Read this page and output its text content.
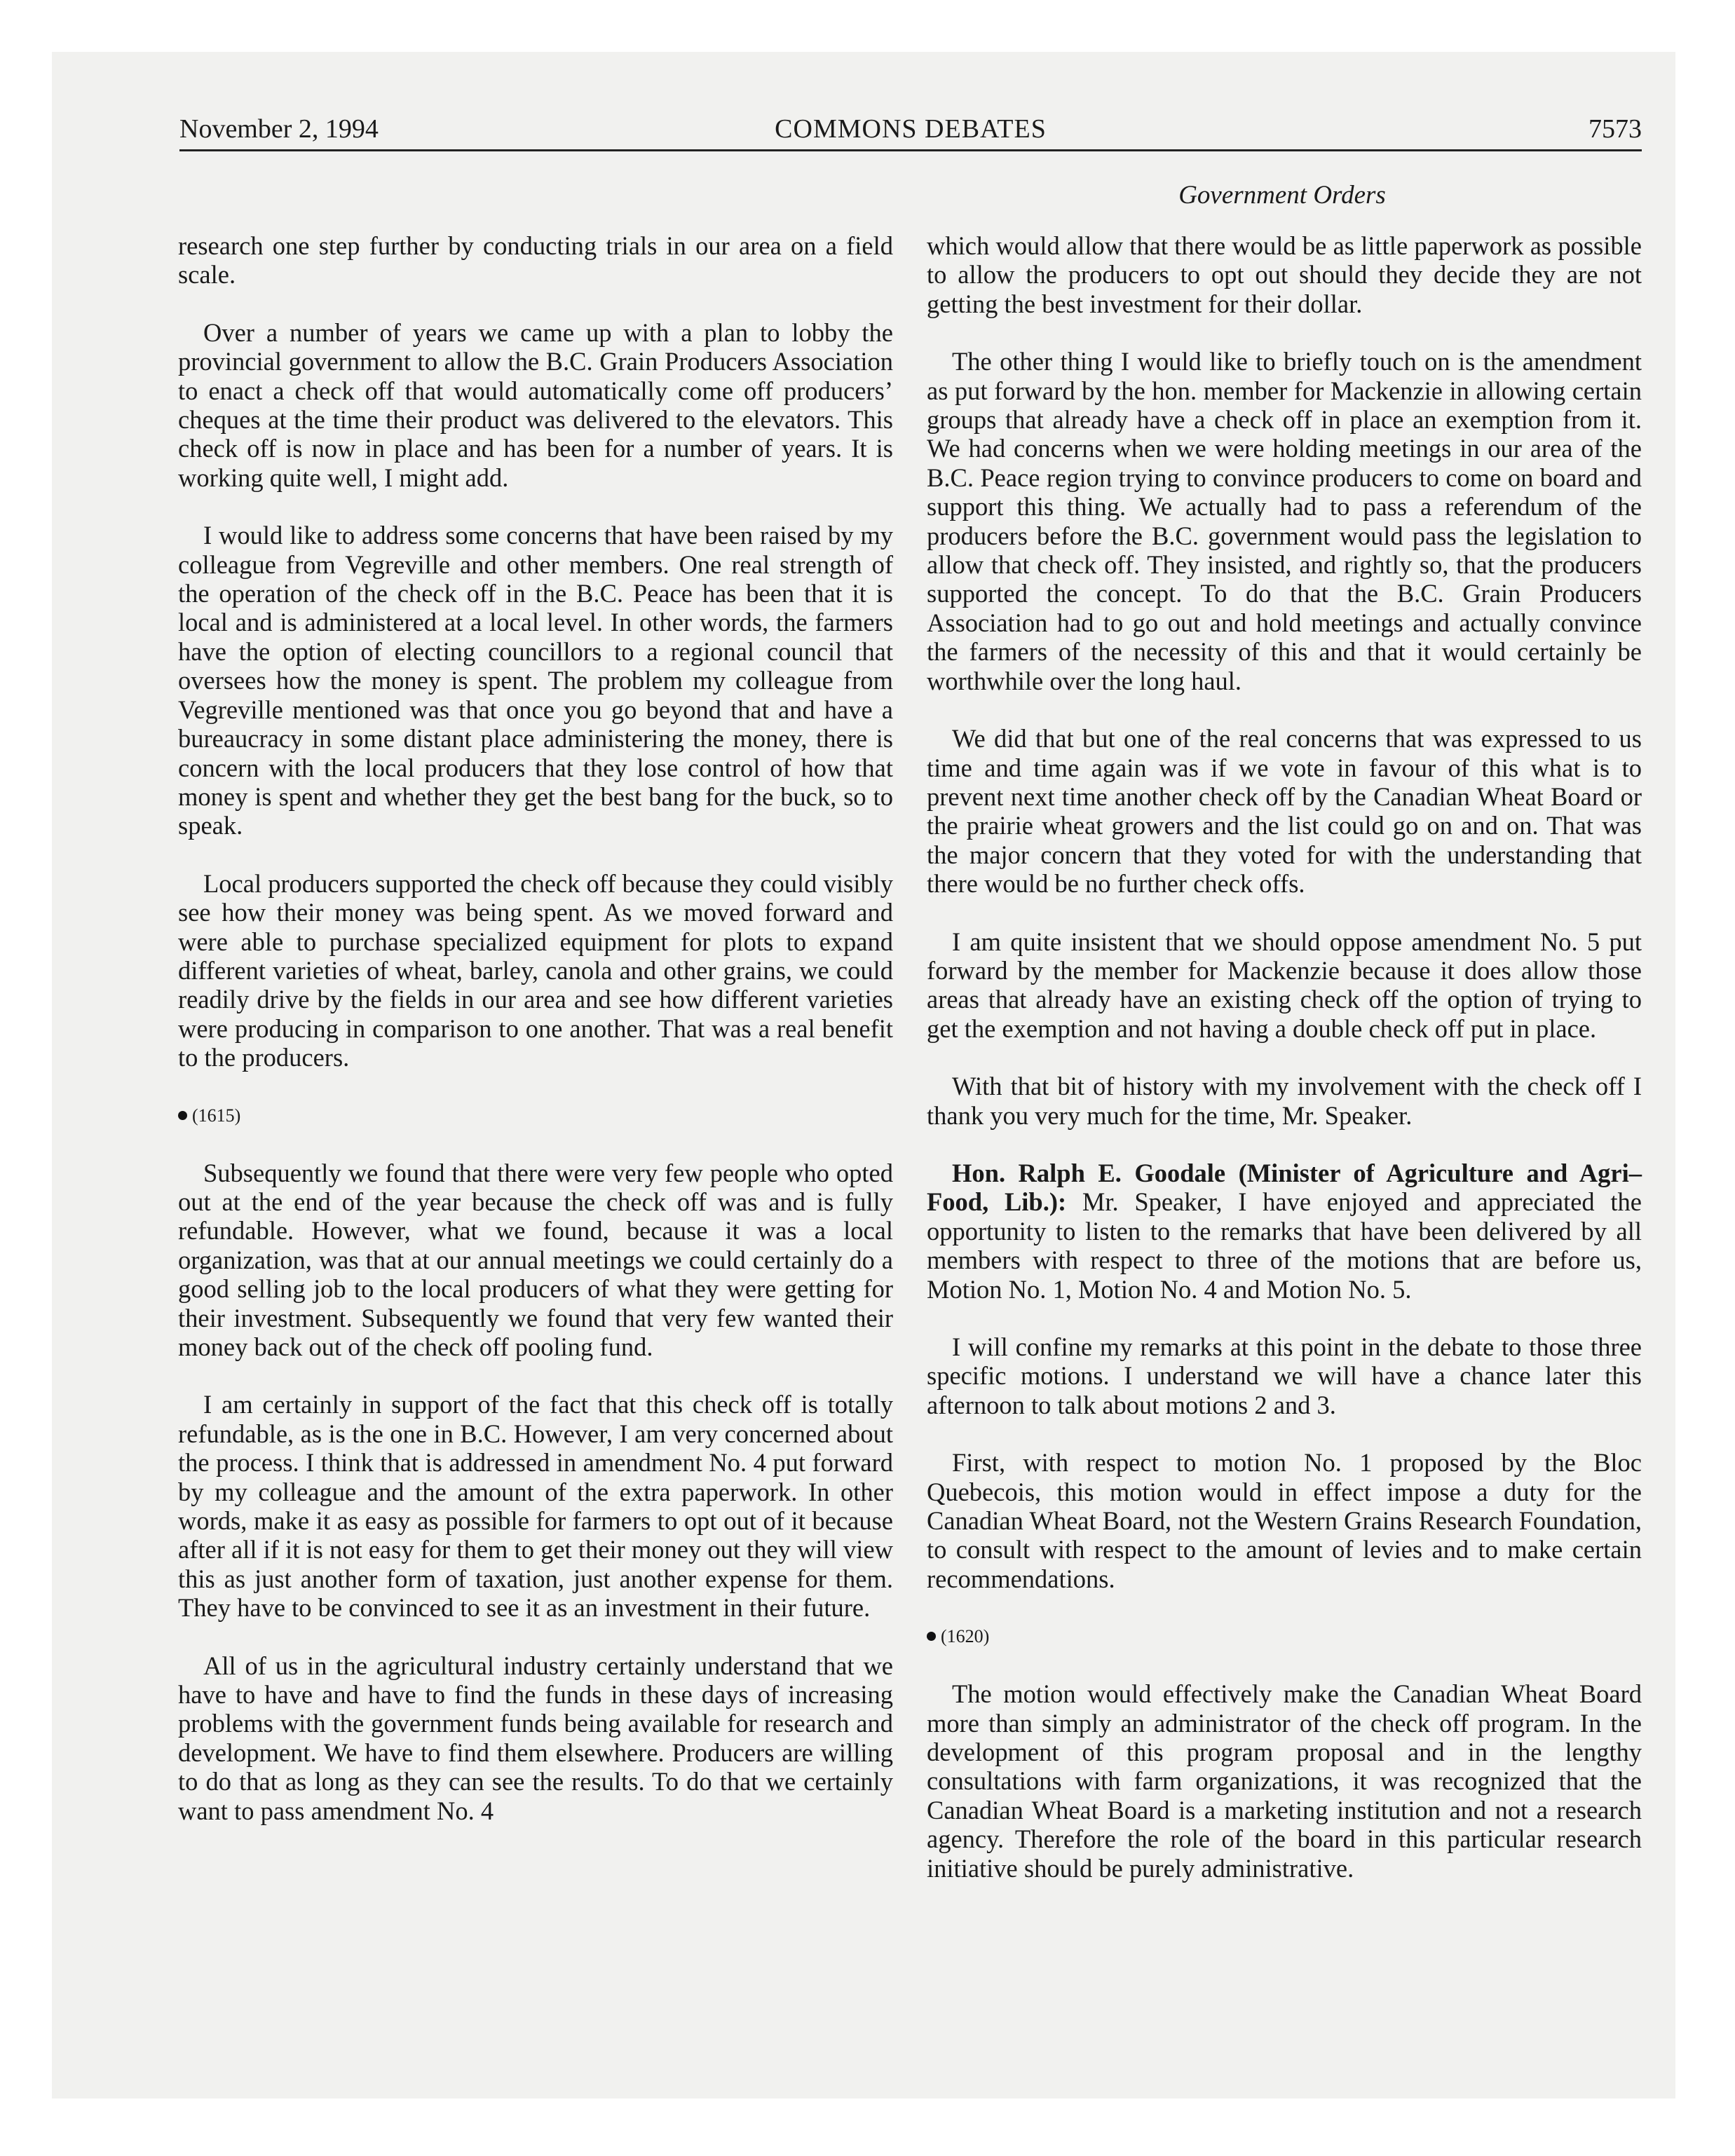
November 2, 1994	COMMONS DEBATES	7573
Government Orders

research one step further by conducting trials in our area on a field scale.

Over a number of years we came up with a plan to lobby the provincial government to allow the B.C. Grain Producers Association to enact a check off that would automatically come off producers’ cheques at the time their product was delivered to the elevators. This check off is now in place and has been for a number of years. It is working quite well, I might add.

I would like to address some concerns that have been raised by my colleague from Vegreville and other members. One real strength of the operation of the check off in the B.C. Peace has been that it is local and is administered at a local level. In other words, the farmers have the option of electing councillors to a regional council that oversees how the money is spent. The problem my colleague from Vegreville mentioned was that once you go beyond that and have a bureaucracy in some distant place administering the money, there is concern with the local producers that they lose control of how that money is spent and whether they get the best bang for the buck, so to speak.

Local producers supported the check off because they could visibly see how their money was being spent. As we moved forward and were able to purchase specialized equipment for plots to expand different varieties of wheat, barley, canola and other grains, we could readily drive by the fields in our area and see how different varieties were producing in comparison to one another. That was a real benefit to the producers.

(1615)

Subsequently we found that there were very few people who opted out at the end of the year because the check off was and is fully refundable. However, what we found, because it was a local organization, was that at our annual meetings we could certainly do a good selling job to the local producers of what they were getting for their investment. Subsequently we found that very few wanted their money back out of the check off pooling fund.

I am certainly in support of the fact that this check off is totally refundable, as is the one in B.C. However, I am very concerned about the process. I think that is addressed in amendment No. 4 put forward by my colleague and the amount of the extra paperwork. In other words, make it as easy as possible for farmers to opt out of it because after all if it is not easy for them to get their money out they will view this as just another form of taxation, just another expense for them. They have to be convinced to see it as an investment in their future.

All of us in the agricultural industry certainly understand that we have to have and have to find the funds in these days of increasing problems with the government funds being available for research and development. We have to find them elsewhere. Producers are willing to do that as long as they can see the results. To do that we certainly want to pass amendment No. 4

which would allow that there would be as little paperwork as possible to allow the producers to opt out should they decide they are not getting the best investment for their dollar.

The other thing I would like to briefly touch on is the amendment as put forward by the hon. member for Mackenzie in allowing certain groups that already have a check off in place an exemption from it. We had concerns when we were holding meetings in our area of the B.C. Peace region trying to convince producers to come on board and support this thing. We actually had to pass a referendum of the producers before the B.C. government would pass the legislation to allow that check off. They insisted, and rightly so, that the producers supported the concept. To do that the B.C. Grain Producers Association had to go out and hold meetings and actually convince the farmers of the necessity of this and that it would certainly be worthwhile over the long haul.

We did that but one of the real concerns that was expressed to us time and time again was if we vote in favour of this what is to prevent next time another check off by the Canadian Wheat Board or the prairie wheat growers and the list could go on and on. That was the major concern that they voted for with the understanding that there would be no further check offs.

I am quite insistent that we should oppose amendment No. 5 put forward by the member for Mackenzie because it does allow those areas that already have an existing check off the option of trying to get the exemption and not having a double check off put in place.

With that bit of history with my involvement with the check off I thank you very much for the time, Mr. Speaker.

Hon. Ralph E. Goodale (Minister of Agriculture and Agri–Food, Lib.): Mr. Speaker, I have enjoyed and appreciated the opportunity to listen to the remarks that have been delivered by all members with respect to three of the motions that are before us, Motion No. 1, Motion No. 4 and Motion No. 5.

I will confine my remarks at this point in the debate to those three specific motions. I understand we will have a chance later this afternoon to talk about motions 2 and 3.

First, with respect to motion No. 1 proposed by the Bloc Quebecois, this motion would in effect impose a duty for the Canadian Wheat Board, not the Western Grains Research Foundation, to consult with respect to the amount of levies and to make certain recommendations.

(1620)

The motion would effectively make the Canadian Wheat Board more than simply an administrator of the check off program. In the development of this program proposal and in the lengthy consultations with farm organizations, it was recognized that the Canadian Wheat Board is a marketing institution and not a research agency. Therefore the role of the board in this particular research initiative should be purely administrative.
